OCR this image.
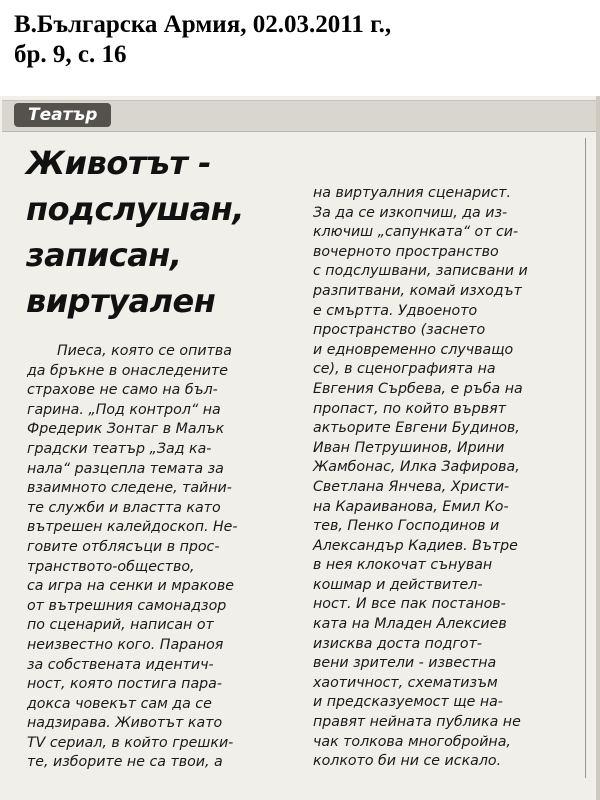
В.Българска Армия, 02.03.2011 г.,
бр. 9, с. 16
Театър
Животът -
подслушан,
записан,
виртуален
Пиеса, която се опитва
да бръкне в онаследените
страхове не само на бъл-
гарина. „Под контрол“ на
Фредерик Зонтаг в Малък
градски театър „Зад ка-
нала“ разцепла темата за
взаимното следене, тайни-
те служби и властта като
вътрешен калейдоскоп. Не-
говите отблясъци в прос-
транството-общество,
са игра на сенки и мракове
от вътрешния самонадзор
по сценарий, написан от
неизвестно кого. Параноя
за собствената идентич-
ност, която постига пара-
докса човекът сам да се
надзирава. Животът като
TV сериал, в който грешки-
те, изборите не са твои, а
на виртуалния сценарист.
За да се изкопчиш, да из-
ключиш „сапунката“ от си-
вочерното пространство
с подслушвани, записвани и
разпитвани, комай изходът
е смъртта. Удвоеното
пространство (заснето
и едновременно случващо
се), в сценографията на
Евгения Сърбева, е ръба на
пропаст, по който вървят
актьорите Евгени Будинов,
Иван Петрушинов, Ирини
Жамбонас, Илка Зафирова,
Светлана Янчева, Христи-
на Караиванова, Емил Ко-
тев, Пенко Господинов и
Александър Кадиев. Вътре
в нея клокочат сънуван
кошмар и действител-
ност. И все пак постанов-
ката на Младен Алексиев
изисква доста подгот-
вени зрители - известна
хаотичност, схематизъм
и предсказуемост ще на-
правят нейната публика не
чак толкова многобройна,
колкото би ни се искало.
